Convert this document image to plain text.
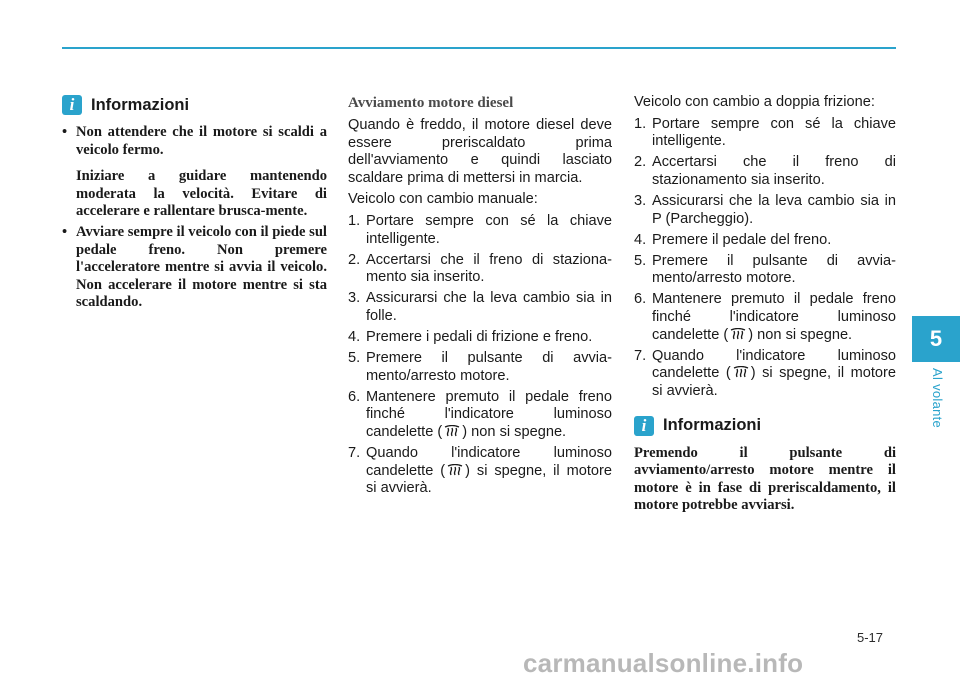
i	Informazioni
• Non attendere che il motore si scaldi a veicolo fermo.

Iniziare a guidare mantenendo moderata la velocità. Evitare di accelerare e rallentare brusca-mente.

• Avviare sempre il veicolo con il piede sul pedale freno. Non premere l'acceleratore mentre si avvia il veicolo. Non accelerare il motore mentre si sta scaldando.

Avviamento motore diesel

Quando è freddo, il motore diesel deve essere preriscaldato prima dell'avviamento e quindi lasciato scaldare prima di mettersi in marcia.

Veicolo con cambio manuale:

1. Portare sempre con sé la chiave intelligente.
2. Accertarsi che il freno di staziona-mento sia inserito.
3. Assicurarsi che la leva cambio sia in folle.
4. Premere i pedali di frizione e freno.
5. Premere il pulsante di avvia-mento/arresto motore.
6. Mantenere premuto il pedale freno finché l'indicatore luminoso candelette ( ) non si spegne.
7. Quando l'indicatore luminoso candelette ( ) si spegne, il motore si avvierà.

Veicolo con cambio a doppia frizione:

1. Portare sempre con sé la chiave intelligente.
2. Accertarsi che il freno di stazionamento sia inserito.
3. Assicurarsi che la leva cambio sia in P (Parcheggio).
4. Premere il pedale del freno.
5. Premere il pulsante di avvia-mento/arresto motore.
6. Mantenere premuto il pedale freno finché l'indicatore luminoso candelette ( ) non si spegne.
7. Quando l'indicatore luminoso candelette ( ) si spegne, il motore si avvierà.
i	Informazioni

Premendo il pulsante di avviamento/arresto motore mentre il motore è in fase di preriscaldamento, il motore potrebbe avviarsi.

5
Al volante
5-17
carmanualsonline.info
